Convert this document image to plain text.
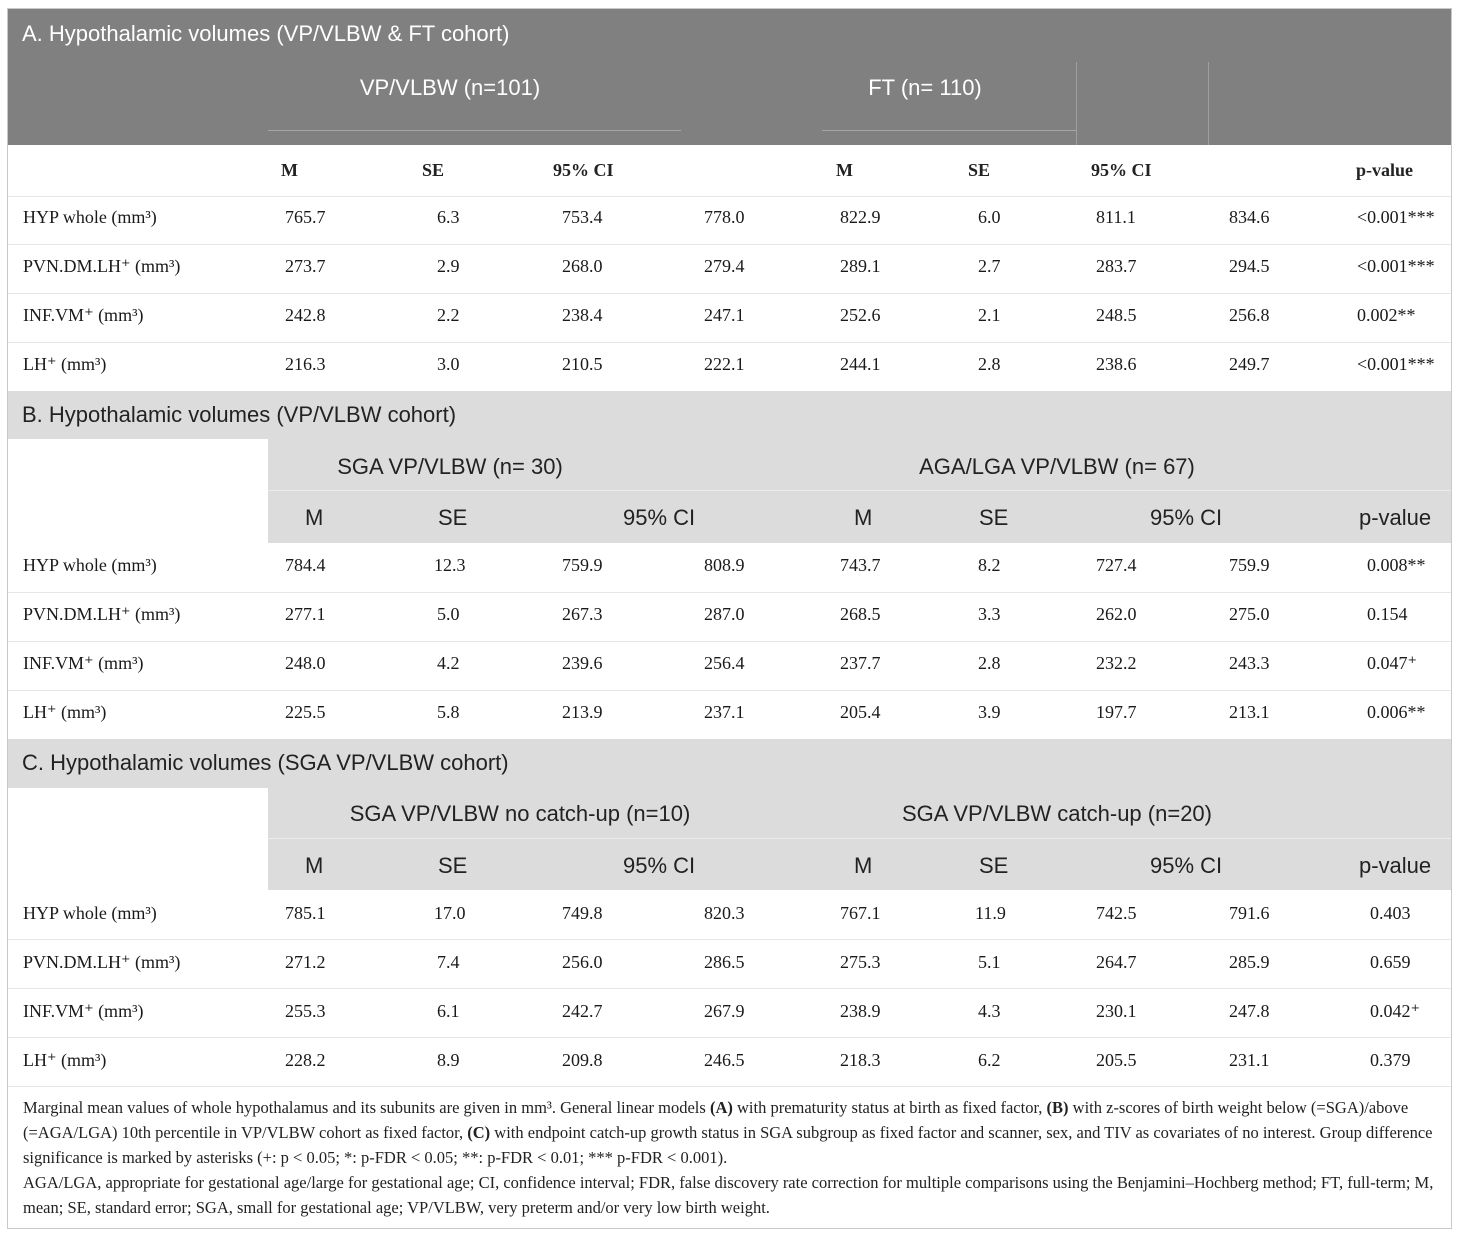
A. Hypothalamic volumes (VP/VLBW & FT cohort)
VP/VLBW (n=101)	FT (n= 110)
M	SE	95% CI	M	SE	95% CI	p-value
HYP whole (mm³)	765.7	6.3	753.4	778.0	822.9	6.0	811.1	834.6	<0.001***
PVN.DM.LH⁺ (mm³)	273.7	2.9	268.0	279.4	289.1	2.7	283.7	294.5	<0.001***
INF.VM⁺ (mm³)	242.8	2.2	238.4	247.1	252.6	2.1	248.5	256.8	0.002**
LH⁺ (mm³)	216.3	3.0	210.5	222.1	244.1	2.8	238.6	249.7	<0.001***
B. Hypothalamic volumes (VP/VLBW cohort)
SGA VP/VLBW (n= 30)	AGA/LGA VP/VLBW (n= 67)
M	SE	95% CI	M	SE	95% CI	p-value
HYP whole (mm³)	784.4	12.3	759.9	808.9	743.7	8.2	727.4	759.9	0.008**
PVN.DM.LH⁺ (mm³)	277.1	5.0	267.3	287.0	268.5	3.3	262.0	275.0	0.154
INF.VM⁺ (mm³)	248.0	4.2	239.6	256.4	237.7	2.8	232.2	243.3	0.047⁺
LH⁺ (mm³)	225.5	5.8	213.9	237.1	205.4	3.9	197.7	213.1	0.006**
C. Hypothalamic volumes (SGA VP/VLBW cohort)
SGA VP/VLBW no catch-up (n=10)	SGA VP/VLBW catch-up (n=20)
M	SE	95% CI	M	SE	95% CI	p-value
HYP whole (mm³)	785.1	17.0	749.8	820.3	767.1	11.9	742.5	791.6	0.403
PVN.DM.LH⁺ (mm³)	271.2	7.4	256.0	286.5	275.3	5.1	264.7	285.9	0.659
INF.VM⁺ (mm³)	255.3	6.1	242.7	267.9	238.9	4.3	230.1	247.8	0.042⁺
LH⁺ (mm³)	228.2	8.9	209.8	246.5	218.3	6.2	205.5	231.1	0.379

Marginal mean values of whole hypothalamus and its subunits are given in mm³. General linear models (A) with prematurity status at birth as fixed factor, (B) with z-scores of birth weight below (=SGA)/above (=AGA/LGA) 10th percentile in VP/VLBW cohort as fixed factor, (C) with endpoint catch-up growth status in SGA subgroup as fixed factor and scanner, sex, and TIV as covariates of no interest. Group difference significance is marked by asterisks (+: p < 0.05; *: p-FDR < 0.05; **: p-FDR < 0.01; *** p-FDR < 0.001).

AGA/LGA, appropriate for gestational age/large for gestational age; CI, confidence interval; FDR, false discovery rate correction for multiple comparisons using the Benjamini–Hochberg method; FT, full-term; M, mean; SE, standard error; SGA, small for gestational age; VP/VLBW, very preterm and/or very low birth weight.
